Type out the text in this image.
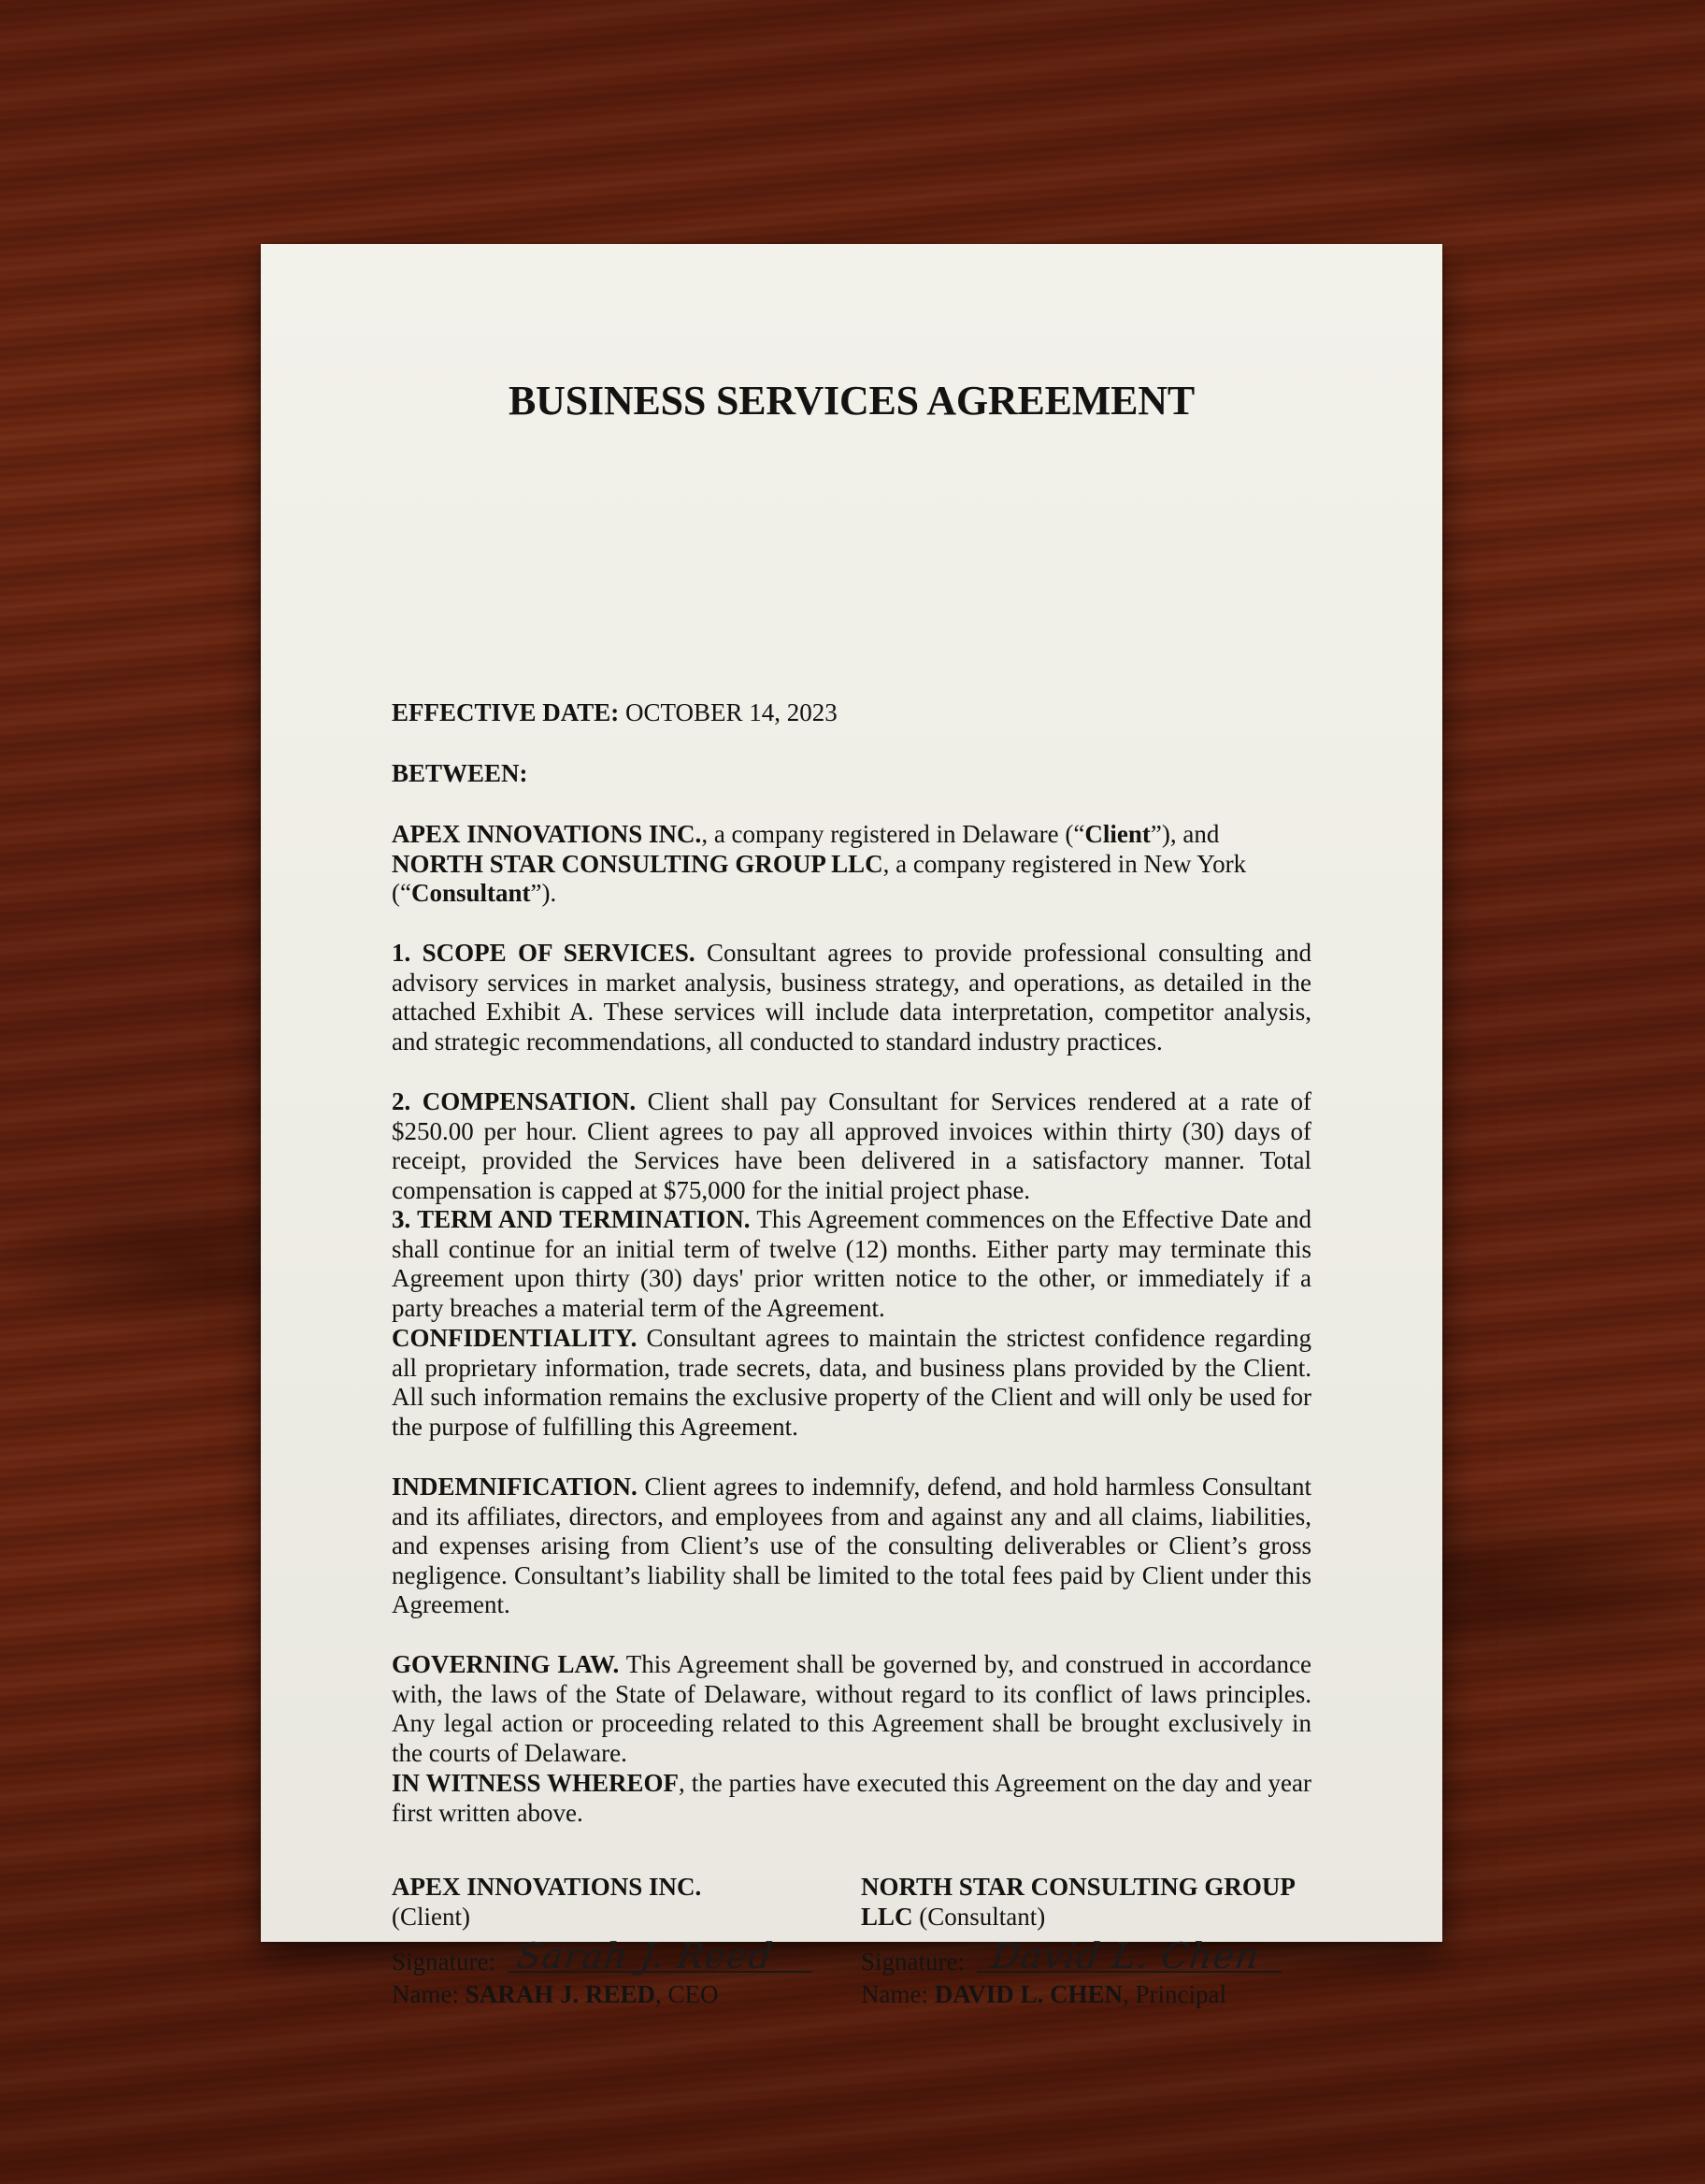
BUSINESS SERVICES AGREEMENT
EFFECTIVE DATE: OCTOBER 14, 2023
BETWEEN:
APEX INNOVATIONS INC., a company registered in Delaware (“Client”), and
NORTH STAR CONSULTING GROUP LLC, a company registered in New York (“Consultant”).
1. SCOPE OF SERVICES. Consultant agrees to provide professional consulting and advisory services in market analysis, business strategy, and operations, as detailed in the attached Exhibit A. These services will include data interpretation, competitor analysis, and strategic recommendations, all conducted to standard industry practices.
2. COMPENSATION. Client shall pay Consultant for Services rendered at a rate of $250.00 per hour. Client agrees to pay all approved invoices within thirty (30) days of receipt, provided the Services have been delivered in a satisfactory manner. Total compensation is capped at $75,000 for the initial project phase.
3. TERM AND TERMINATION. This Agreement commences on the Effective Date and shall continue for an initial term of twelve (12) months. Either party may terminate this Agreement upon thirty (30) days' prior written notice to the other, or immediately if a party breaches a material term of the Agreement.
CONFIDENTIALITY. Consultant agrees to maintain the strictest confidence regarding all proprietary information, trade secrets, data, and business plans provided by the Client. All such information remains the exclusive property of the Client and will only be used for the purpose of fulfilling this Agreement.
INDEMNIFICATION. Client agrees to indemnify, defend, and hold harmless Consultant and its affiliates, directors, and employees from and against any and all claims, liabilities, and expenses arising from Client’s use of the consulting deliverables or Client’s gross negligence. Consultant’s liability shall be limited to the total fees paid by Client under this Agreement.
GOVERNING LAW. This Agreement shall be governed by, and construed in accordance with, the laws of the State of Delaware, without regard to its conflict of laws principles. Any legal action or proceeding related to this Agreement shall be brought exclusively in the courts of Delaware.
IN WITNESS WHEREOF, the parties have executed this Agreement on the day and year first written above.
APEX INNOVATIONS INC.
(Client)
Signature: Sarah J. Reed
Name: SARAH J. REED, CEO
NORTH STAR CONSULTING GROUP LLC (Consultant)
Signature: David L. Chen
Name: DAVID L. CHEN, Principal
